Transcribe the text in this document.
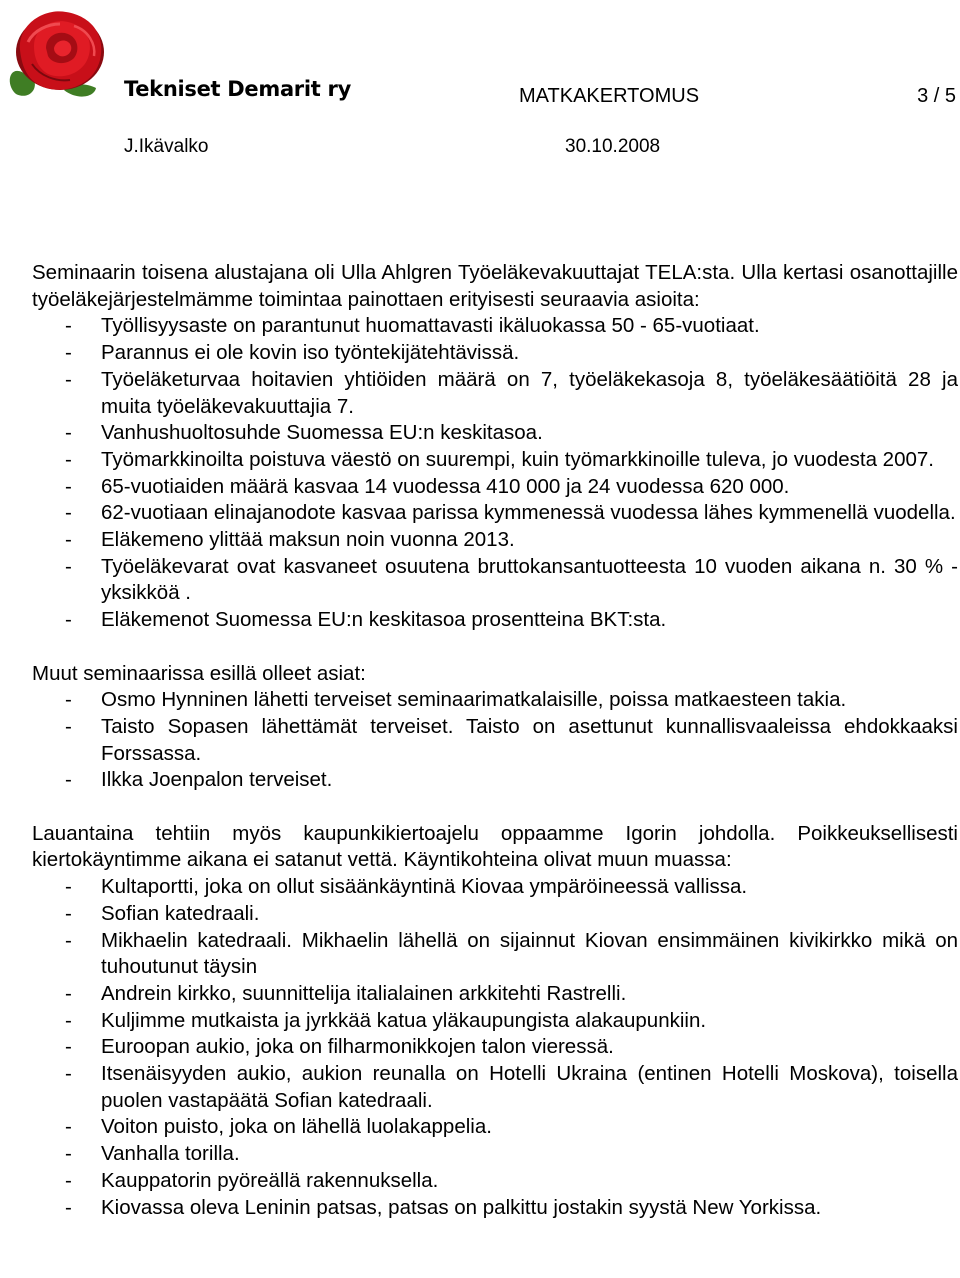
Tekniset Demarit ry	MATKAKERTOMUS	3 / 5
J.Ikävalko	30.10.2008

Seminaarin toisena alustajana oli Ulla Ahlgren Työeläkevakuuttajat TELA:sta. Ulla kertasi osanottajille työeläkejärjestelmämme toimintaa painottaen erityisesti seuraavia asioita:

- Työllisyysaste on parantunut huomattavasti ikäluokassa 50 - 65-vuotiaat.
- Parannus ei ole kovin iso työntekijätehtävissä.
- Työeläketurvaa hoitavien yhtiöiden määrä on 7, työeläkekasoja 8, työeläkesäätiöitä 28 ja muita työeläkevakuuttajia 7.
- Vanhushuoltosuhde Suomessa EU:n keskitasoa.
- Työmarkkinoilta poistuva väestö on suurempi, kuin työmarkkinoille tuleva, jo vuodesta 2007.
- 65-vuotiaiden määrä kasvaa 14 vuodessa 410 000 ja 24 vuodessa 620 000.
- 62-vuotiaan elinajanodote kasvaa parissa kymmenessä vuodessa lähes kymmenellä vuodella.
- Eläkemeno ylittää maksun noin vuonna 2013.
- Työeläkevarat ovat kasvaneet osuutena bruttokansantuotteesta 10 vuoden aikana n. 30 % -yksikköä .
- Eläkemenot Suomessa EU:n keskitasoa prosentteina BKT:sta.

Muut seminaarissa esillä olleet asiat:

- Osmo Hynninen lähetti terveiset seminaarimatkalaisille, poissa matkaesteen takia.
- Taisto Sopasen lähettämät terveiset. Taisto on asettunut kunnallisvaaleissa ehdokkaaksi Forssassa.
- Ilkka Joenpalon terveiset.

Lauantaina tehtiin myös kaupunkikiertoajelu oppaamme Igorin johdolla. Poikkeuksellisesti kiertokäyntimme aikana ei satanut vettä. Käyntikohteina olivat muun muassa:

- Kultaportti, joka on ollut sisäänkäyntinä Kiovaa ympäröineessä vallissa.
- Sofian katedraali.
- Mikhaelin katedraali. Mikhaelin lähellä on sijainnut Kiovan ensimmäinen kivikirkko mikä on tuhoutunut täysin
- Andrein kirkko, suunnittelija italialainen arkkitehti Rastrelli.
- Kuljimme mutkaista ja jyrkkää katua yläkaupungista alakaupunkiin.
- Euroopan aukio, joka on filharmonikkojen talon vieressä.
- Itsenäisyyden aukio, aukion reunalla on Hotelli Ukraina (entinen Hotelli Moskova), toisella puolen vastapäätä Sofian katedraali.
- Voiton puisto, joka on lähellä luolakappelia.
- Vanhalla torilla.
- Kauppatorin pyöreällä rakennuksella.
- Kiovassa oleva Leninin patsas, patsas on palkittu jostakin syystä New Yorkissa.
